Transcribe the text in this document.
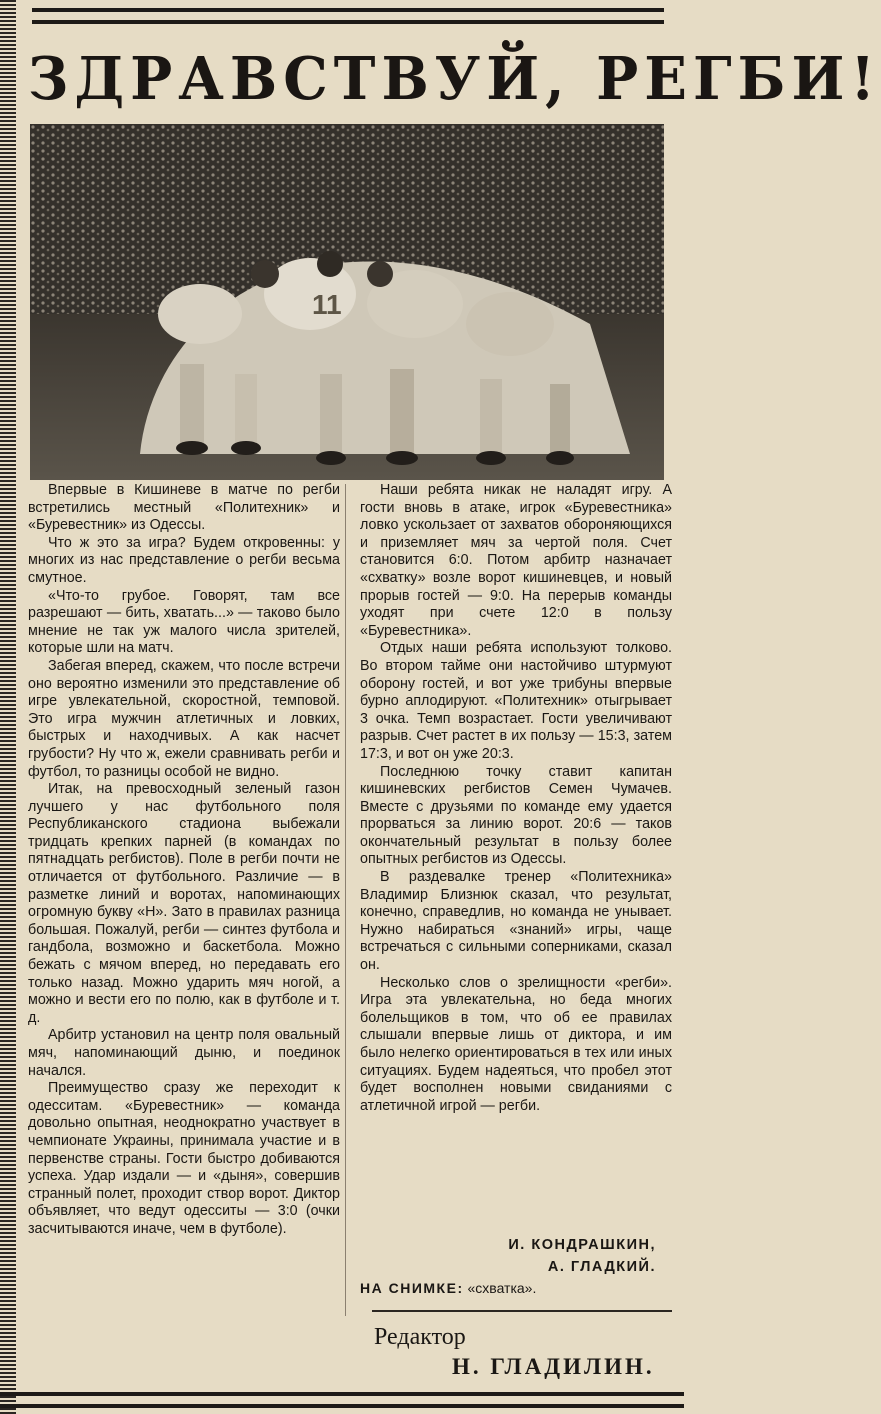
ЗДРАВСТВУЙ, РЕГБИ!
11

Впервые в Кишиневе в матче по регби встретились местный «Политехник» и «Буревестник» из Одессы.

Что ж это за игра? Будем откровенны: у многих из нас представление о регби весьма смутное.

«Что-то грубое. Говорят, там все разрешают — бить, хватать...» — таково было мнение не так уж малого числа зрителей, которые шли на матч.

Забегая вперед, скажем, что после встречи оно вероятно изменили это представление об игре увлекательной, скоростной, темповой. Это игра мужчин атлетичных и ловких, быстрых и находчивых. А как насчет грубости? Ну что ж, ежели сравнивать регби и футбол, то разницы особой не видно.

Итак, на превосходный зеленый газон лучшего у нас футбольного поля Республиканского стадиона выбежали тридцать крепких парней (в командах по пятнадцать регбистов). Поле в регби почти не отличается от футбольного. Различие — в разметке линий и воротах, напоминающих огромную букву «Н». Зато в правилах разница большая. Пожалуй, регби — синтез футбола и гандбола, возможно и баскетбола. Можно бежать с мячом вперед, но передавать его только назад. Можно ударить мяч ногой, а можно и вести его по полю, как в футболе и т. д.

Арбитр установил на центр поля овальный мяч, напоминающий дыню, и поединок начался.

Преимущество сразу же переходит к одесситам. «Буревестник» — команда довольно опытная, неоднократно участвует в чемпионате Украины, принимала участие и в первенстве страны. Гости быстро добиваются успеха. Удар издали — и «дыня», совершив странный полет, проходит створ ворот. Диктор объявляет, что ведут одесситы — 3:0 (очки засчитываются иначе, чем в футболе).

Наши ребята никак не наладят игру. А гости вновь в атаке, игрок «Буревестника» ловко ускользает от захватов обороняющихся и приземляет мяч за чертой поля. Счет становится 6:0. Потом арбитр назначает «схватку» возле ворот кишиневцев, и новый прорыв гостей — 9:0. На перерыв команды уходят при счете 12:0 в пользу «Буревестника».

Отдых наши ребята используют толково. Во втором тайме они настойчиво штурмуют оборону гостей, и вот уже трибуны впервые бурно аплодируют. «Политехник» отыгрывает 3 очка. Темп возрастает. Гости увеличивают разрыв. Счет растет в их пользу — 15:3, затем 17:3, и вот он уже 20:3.

Последнюю точку ставит капитан кишиневских регбистов Семен Чумачев. Вместе с друзьями по команде ему удается прорваться за линию ворот. 20:6 — таков окончательный результат в пользу более опытных регбистов из Одессы.

В раздевалке тренер «Политехника» Владимир Близнюк сказал, что результат, конечно, справедлив, но команда не унывает. Нужно набираться «знаний» игры, чаще встречаться с сильными соперниками, сказал он.

Несколько слов о зрелищности «регби». Игра эта увлекательна, но беда многих болельщиков в том, что об ее правилах слышали впервые лишь от диктора, и им было нелегко ориентироваться в тех или иных ситуациях. Будем надеяться, что пробел этот будет восполнен новыми свиданиями с атлетичной игрой — регби.

И. КОНДРАШКИН,
А. ГЛАДКИЙ.
НА СНИМКЕ: «схватка».
Редактор
Н. ГЛАДИЛИН.
